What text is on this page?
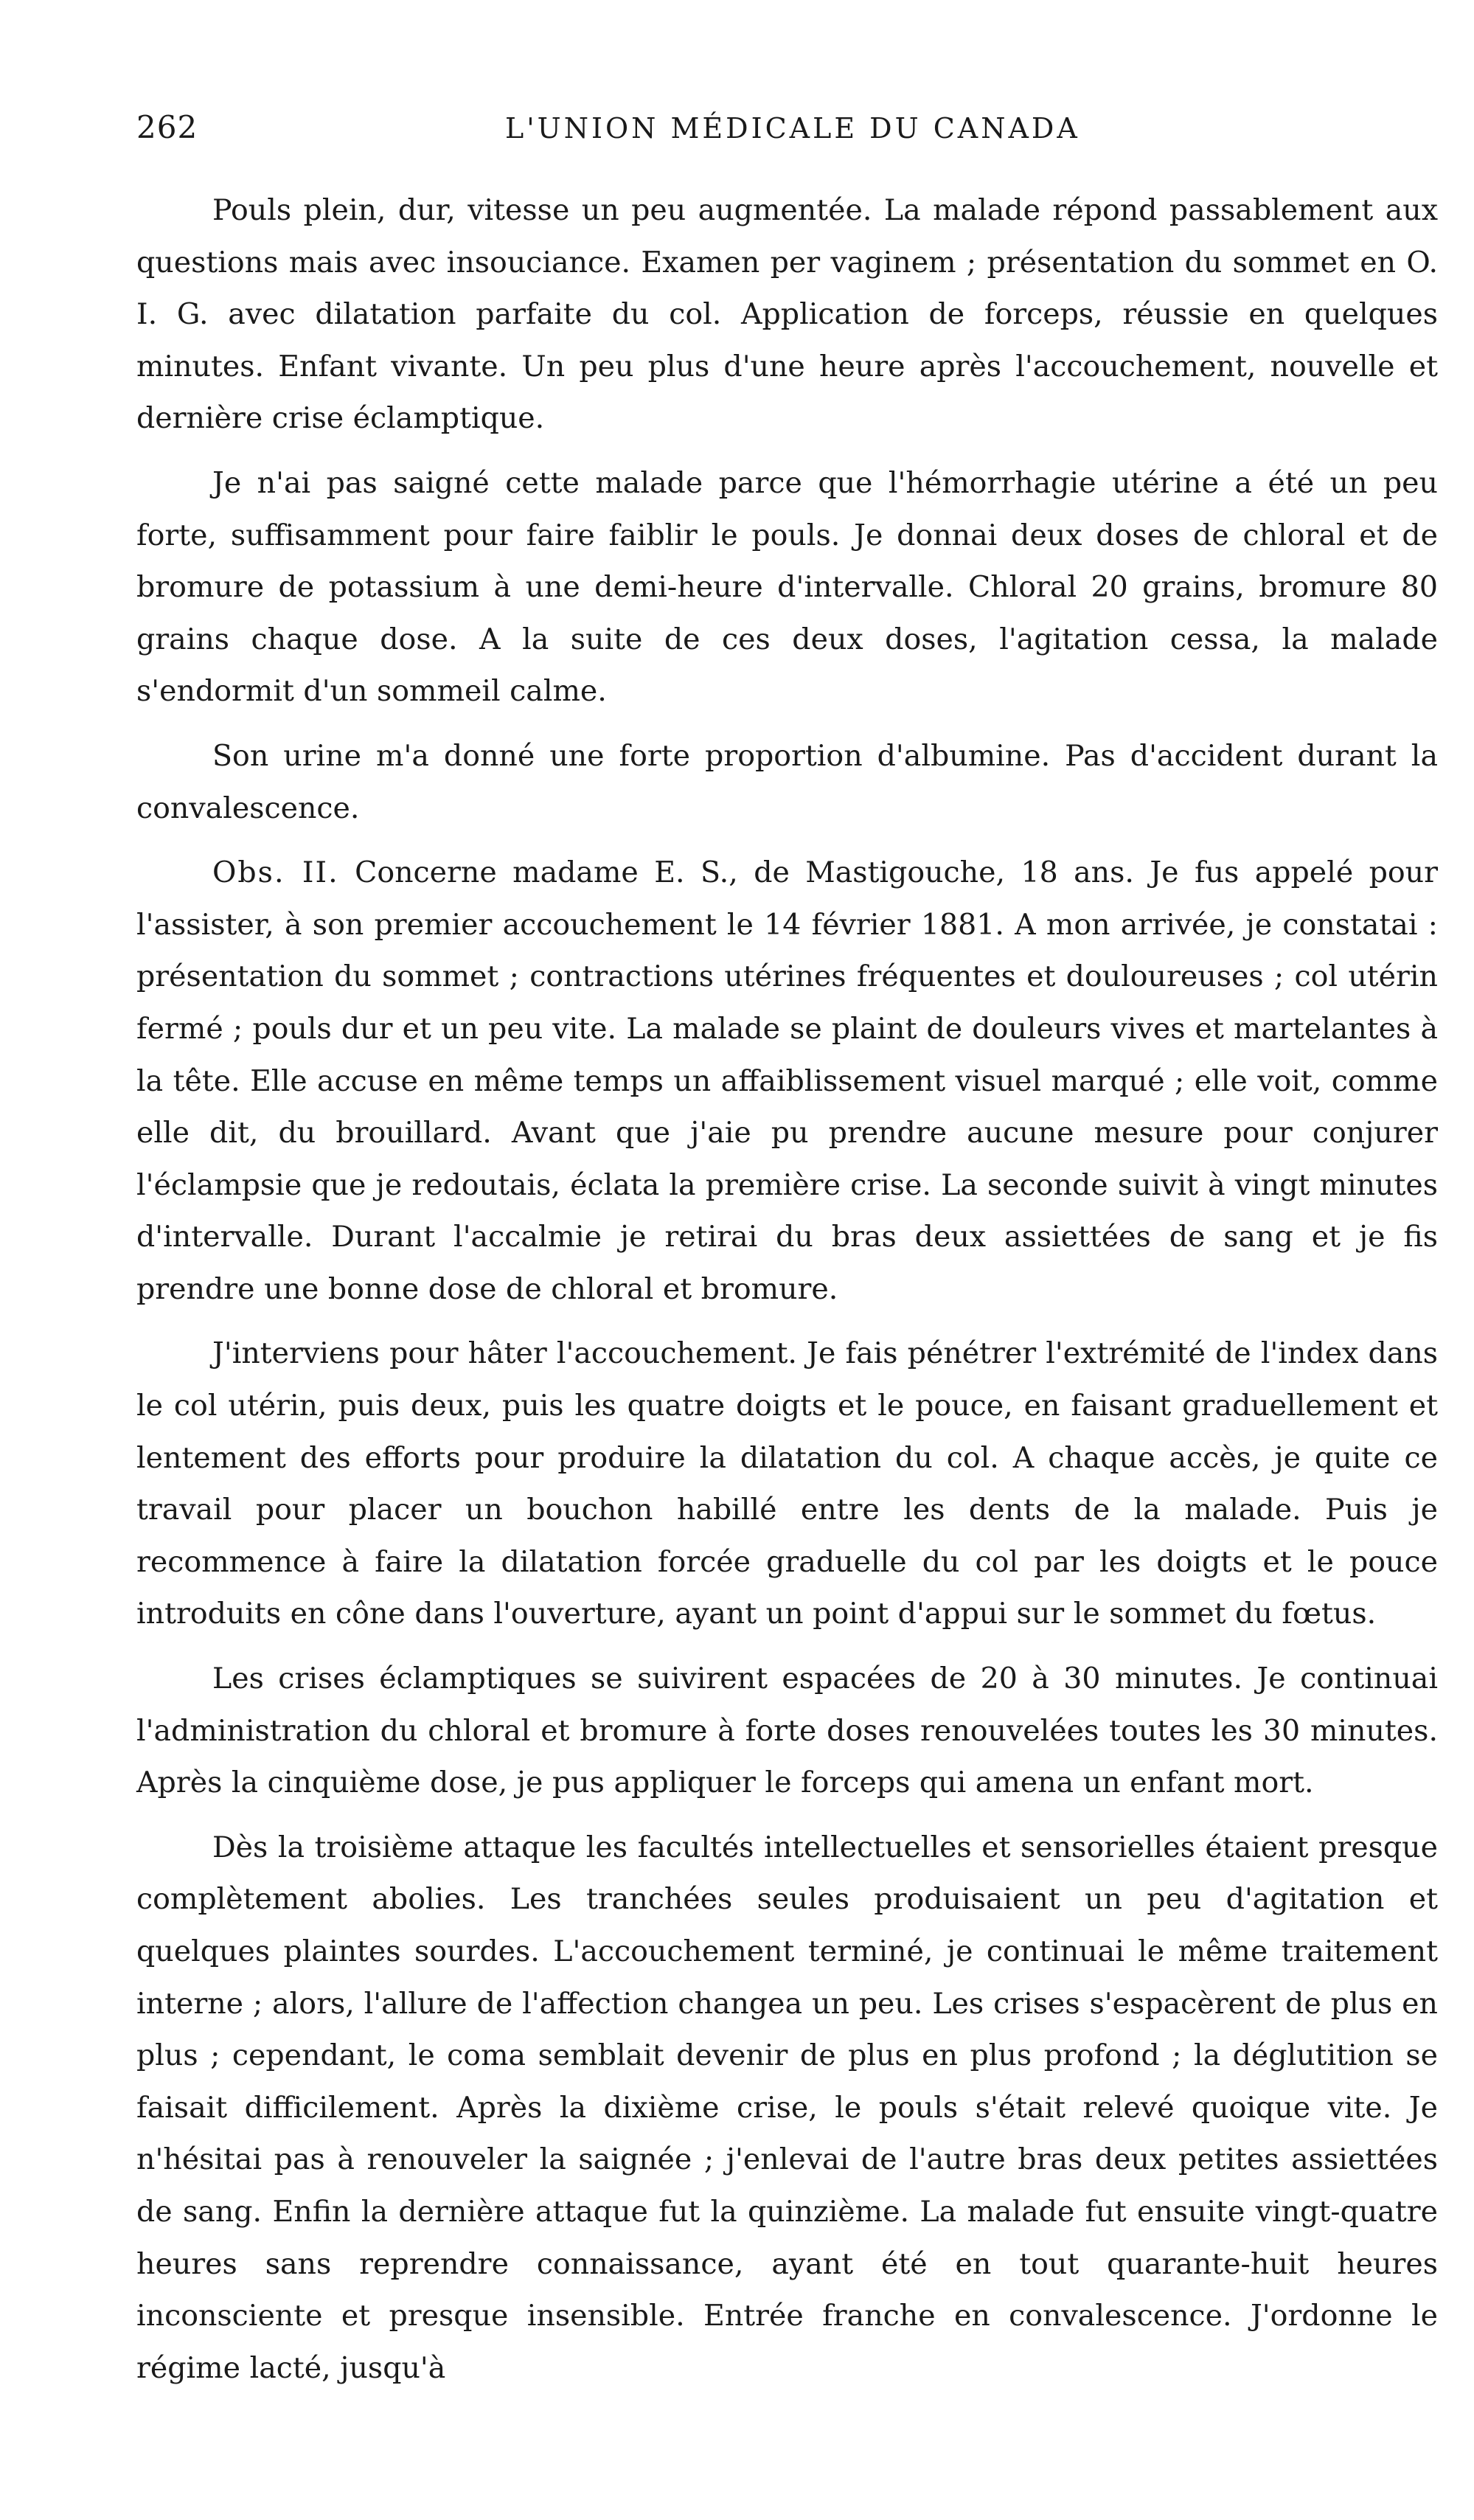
262	L'UNION MÉDICALE DU CANADA

Pouls plein, dur, vitesse un peu augmentée. La malade répond passablement aux questions mais avec insouciance. Examen per vaginem ; présentation du sommet en O. I. G. avec dilatation parfaite du col. Application de forceps, réussie en quelques minutes. Enfant vivante. Un peu plus d'une heure après l'accouchement, nouvelle et dernière crise éclamptique.

Je n'ai pas saigné cette malade parce que l'hémorrhagie utérine a été un peu forte, suffisamment pour faire faiblir le pouls. Je donnai deux doses de chloral et de bromure de potassium à une demi-heure d'intervalle. Chloral 20 grains, bromure 80 grains chaque dose. A la suite de ces deux doses, l'agitation cessa, la malade s'endormit d'un sommeil calme.

Son urine m'a donné une forte proportion d'albumine. Pas d'accident durant la convalescence.

Obs. II. Concerne madame E. S., de Mastigouche, 18 ans. Je fus appelé pour l'assister, à son premier accouchement le 14 février 1881. A mon arrivée, je constatai : présentation du sommet ; contractions utérines fréquentes et douloureuses ; col utérin fermé ; pouls dur et un peu vite. La malade se plaint de douleurs vives et martelantes à la tête. Elle accuse en même temps un affaiblissement visuel marqué ; elle voit, comme elle dit, du brouillard. Avant que j'aie pu prendre aucune mesure pour conjurer l'éclampsie que je redoutais, éclata la première crise. La seconde suivit à vingt minutes d'intervalle. Durant l'accalmie je retirai du bras deux assiettées de sang et je fis prendre une bonne dose de chloral et bromure.

J'interviens pour hâter l'accouchement. Je fais pénétrer l'extrémité de l'index dans le col utérin, puis deux, puis les quatre doigts et le pouce, en faisant graduellement et lentement des efforts pour produire la dilatation du col. A chaque accès, je quite ce travail pour placer un bouchon habillé entre les dents de la malade. Puis je recommence à faire la dilatation forcée graduelle du col par les doigts et le pouce introduits en cône dans l'ouverture, ayant un point d'appui sur le sommet du fœtus.

Les crises éclamptiques se suivirent espacées de 20 à 30 minutes. Je continuai l'administration du chloral et bromure à forte doses renouvelées toutes les 30 minutes. Après la cinquième dose, je pus appliquer le forceps qui amena un enfant mort.

Dès la troisième attaque les facultés intellectuelles et sensorielles étaient presque complètement abolies. Les tranchées seules produisaient un peu d'agitation et quelques plaintes sourdes. L'accouchement terminé, je continuai le même traitement interne ; alors, l'allure de l'affection changea un peu. Les crises s'espacèrent de plus en plus ; cependant, le coma semblait devenir de plus en plus profond ; la déglutition se faisait difficilement. Après la dixième crise, le pouls s'était relevé quoique vite. Je n'hésitai pas à renouveler la saignée ; j'enlevai de l'autre bras deux petites assiettées de sang. Enfin la dernière attaque fut la quinzième. La malade fut ensuite vingt-quatre heures sans reprendre connaissance, ayant été en tout quarante-huit heures inconsciente et presque insensible. Entrée franche en convalescence. J'ordonne le régime lacté, jusqu'à
